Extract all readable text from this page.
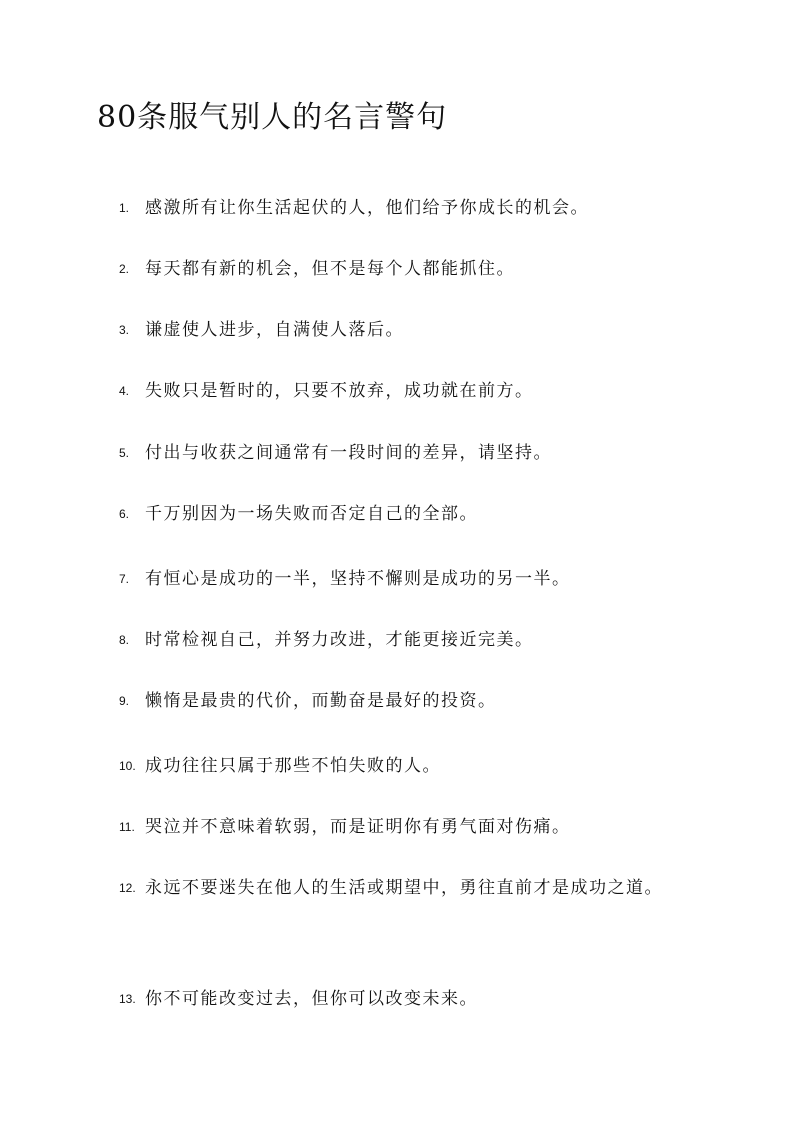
80条服气别人的名言警句
1. 感激所有让你生活起伏的人，他们给予你成长的机会。
2. 每天都有新的机会，但不是每个人都能抓住。
3. 谦虚使人进步，自满使人落后。
4. 失败只是暂时的，只要不放弃，成功就在前方。
5. 付出与收获之间通常有一段时间的差异，请坚持。
6. 千万别因为一场失败而否定自己的全部。
7. 有恒心是成功的一半，坚持不懈则是成功的另一半。
8. 时常检视自己，并努力改进，才能更接近完美。
9. 懒惰是最贵的代价，而勤奋是最好的投资。
10. 成功往往只属于那些不怕失败的人。
11. 哭泣并不意味着软弱，而是证明你有勇气面对伤痛。
12. 永远不要迷失在他人的生活或期望中，勇往直前才是成功之道。
13. 你不可能改变过去，但你可以改变未来。
